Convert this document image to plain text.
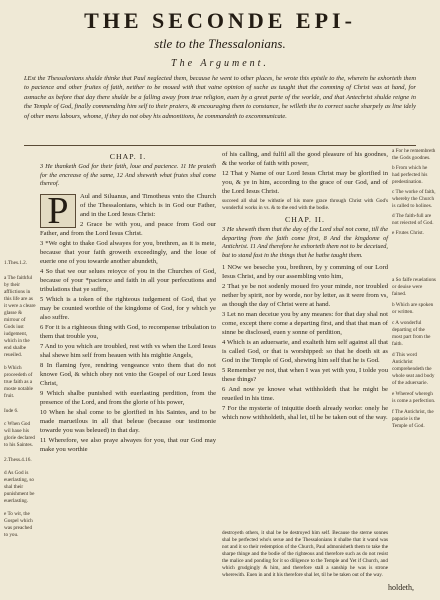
THE SECONDE EPI-
stle to the Thessalonians.
The Argument.
LEst the Thessalonians shulde thinke that Paul neglected them, because he went to other places, he wrote this epistle to the, wherein he exhorteth them to pacience and other fruites of faith, neither to be moued with that vaine opinion of suche as taught that the comming of Christ was at hand, for asmuche as before that day there shulde be a falling away from true religion, euen by a great parte of the worlde, and that Antechrist shulde reigne in the Temple of God, finally commending him self to their praiers, & encouraging them to constance, he willeth the to correct suche sharpely as line idely of other mens labours, whome, if they do not obey his admonitions, he commandeth to excommunicate.
1.Thes.1.2.
a The faithful by their afflictions in this life are as it were a cleare glasse & mirrour of Gods iust iudgement, which in the end shalbe reueiled.
b Which proceedeth of true faith as a moste notable fruit.
Iude 6.
c When God wil haue his glorie declared to his Saintes.
2.Thess.4.16.
d As God is euerlasting, so shal their punishment be euerlasting.
e To wit, the Gospel which was preached to you.
CHAP. I.
3 He thanketh God for their faith, loue and pacience. 11 He praieth for the encrease of the same, 12 And sheweth what frutes shal come thereof.
P	Aul and Siluanus, and Timotheus vnto the Church of the Thessalonians, which is in God our Father, and in the Lord Iesus Christ:

2 Grace be with you, and peace from God our Father, and from the Lord Iesus Christ.

3 *We oght to thake God alwayes for you, brethren, as it is mete, because that your faith groweth exceedingly, and the loue of euerie one of you towarde another abundeth,

4 So that we our selues reioyce of you in the Churches of God, because of your *pacience and faith in all your perfecutions and tribulations that ye suffre,

5 Which is a token of the righteous iudgement of God, that ye may be counted worthie of the kingdome of God, for y which ye also suffre.

6 For it is a righteous thing with God, to recompense tribulation to them that trouble you,

7 And to you which are troubled, rest with vs when the Lord Iesus shal shewe him self from heauen with his mightie Angels,

8 In flaming fyre, rendring vengeance vnto them that do not knowe God, & which obey not vnto the Gospel of our Lord Iesus Christ,

9 Which shalbe punished with euerlasting perdition, from the presence of the Lord, and from the glorie of his power,

10 When he shal come to be glorified in his Saintes, and to be made marueilous in all that beleue (because our testimonie towarde you was beleued) in that day.

11 Wherefore, we also praye alwayes for you, that our God may make you worthie

of his calling, and fulfil all the good pleasure of his goodnes, & the worke of faith with power,

12 That y Name of our Lord Iesus Christ may be glorified in you, & ye in him, according to the grace of our God, and of the Lord Iesus Christ.

succeed all shal be withstie of his more grace through Christ with God's wonderful works in vs. & to the end with the bodie.
CHAP. II.
3 He sheweth them that the day of the Lord shal not come, till the departing from the faith come first, 8 And the kingdome of Antichrist. 11 And therefore he exhorteth them not to be deceiued, but to stand fast in the things that he hathe taught them.

1 NOw we beseche you, brethren, by y comming of our Lord Iesus Christ, and by our assembling vnto him,

2 That ye be not sodenly moued fro your minde, nor troubled nether by spirit, nor by worde, nor by letter, as it were from vs, as though the day of Christ were at hand.

3 Let no man deceiue you by any meanes: for that day shal not come, except there come a departing first, and that that man of sinne be disclosed, euen y sonne of perdition,

4 Which is an aduersarie, and exalteth him self against all that is called God, or that is worshipped: so that he doeth sit as God in the Temple of God, shewing him self that he is God.

5 Remember ye not, that when I was yet with you, I tolde you these things?

6 And now ye knowe what withholdeth that he might be reueiled in his time.

7 For the mysterie of iniquitie doeth already worke: onely he which now withholdeth, shal let, til he be taken out of the way.

a For he remembreth the Gods goodnes.
b From which he had perfected his predestination.
c The worke of faith, whereby the Church is called to holines.
d The faith-full are not reiected of God.
e Frutes Christ.
a So falfe reuelations or deuise were fained.
b Which are spoken or written.
c A wonderful departing of the most part from the faith.
d This word Antichrist comprehendeth the whole seat and body of the aduersarie.
e Whereof wheregh is come a perfection.
f The Antichrist, the papacie is the Temple of God.
destroyeth others, it shal be be destroyed him self. Because the sterne sonnes shal be perfected who's serue and the Thessalonians it shalbe that it wand was not and it so their redemption of the Church, Paul admonisheth them to take the sharpe thinge and the bodie of the righteous and therefore such as do not resist the malice and ponding for it so diligence to the Temple and Yet if Church, and which grudgingly & him, and therefore stall a sanship he was is strone wherewith. Euen in and it his therefore shal let, til he be taken out of the way.
holdeth,
